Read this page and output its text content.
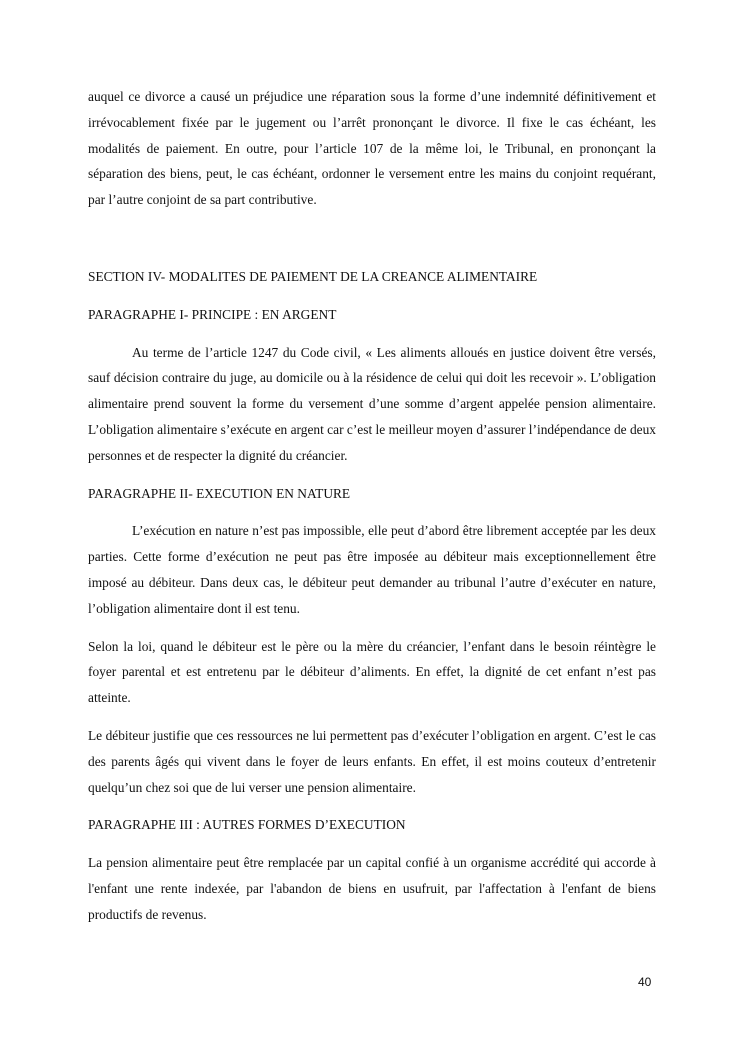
auquel ce divorce a causé un préjudice une réparation sous la forme d’une indemnité définitivement et irrévocablement fixée par le jugement ou l’arrêt prononçant le divorce. Il fixe le cas échéant, les modalités de paiement. En outre, pour l’article 107 de la même loi, le Tribunal, en prononçant la séparation des biens, peut, le cas échéant, ordonner le versement entre les mains du conjoint requérant, par l’autre conjoint de sa part contributive.

SECTION IV- MODALITES DE PAIEMENT DE LA CREANCE ALIMENTAIRE

PARAGRAPHE I- PRINCIPE : EN ARGENT

Au terme de l’article 1247 du Code civil, « Les aliments alloués en justice doivent être versés, sauf décision contraire du juge, au domicile ou à la résidence de celui qui doit les recevoir ». L’obligation alimentaire prend souvent la forme du versement d’une somme d’argent appelée pension alimentaire. L’obligation alimentaire s’exécute en argent car c’est le meilleur moyen d’assurer l’indépendance de deux personnes et de respecter la dignité du créancier.

PARAGRAPHE II- EXECUTION EN NATURE

L’exécution en nature n’est pas impossible, elle peut d’abord être librement acceptée par les deux parties. Cette forme d’exécution ne peut pas être imposée au débiteur mais exceptionnellement être imposé au débiteur. Dans deux cas, le débiteur peut demander au tribunal l’autre d’exécuter en nature, l’obligation alimentaire dont il est tenu.

Selon la loi, quand le débiteur est le père ou la mère du créancier, l’enfant dans le besoin réintègre le foyer parental et est entretenu par le débiteur d’aliments. En effet, la dignité de cet enfant n’est pas atteinte.

Le débiteur justifie que ces ressources ne lui permettent pas d’exécuter l’obligation en argent. C’est le cas des parents âgés qui vivent dans le foyer de leurs enfants. En effet, il est moins couteux d’entretenir quelqu’un chez soi que de lui verser une pension alimentaire.

PARAGRAPHE III : AUTRES FORMES D’EXECUTION

La pension alimentaire peut être remplacée par un capital confié à un organisme accrédité qui accorde à l'enfant une rente indexée, par l'abandon de biens en usufruit, par l'affectation à l'enfant de biens productifs de revenus.

40
